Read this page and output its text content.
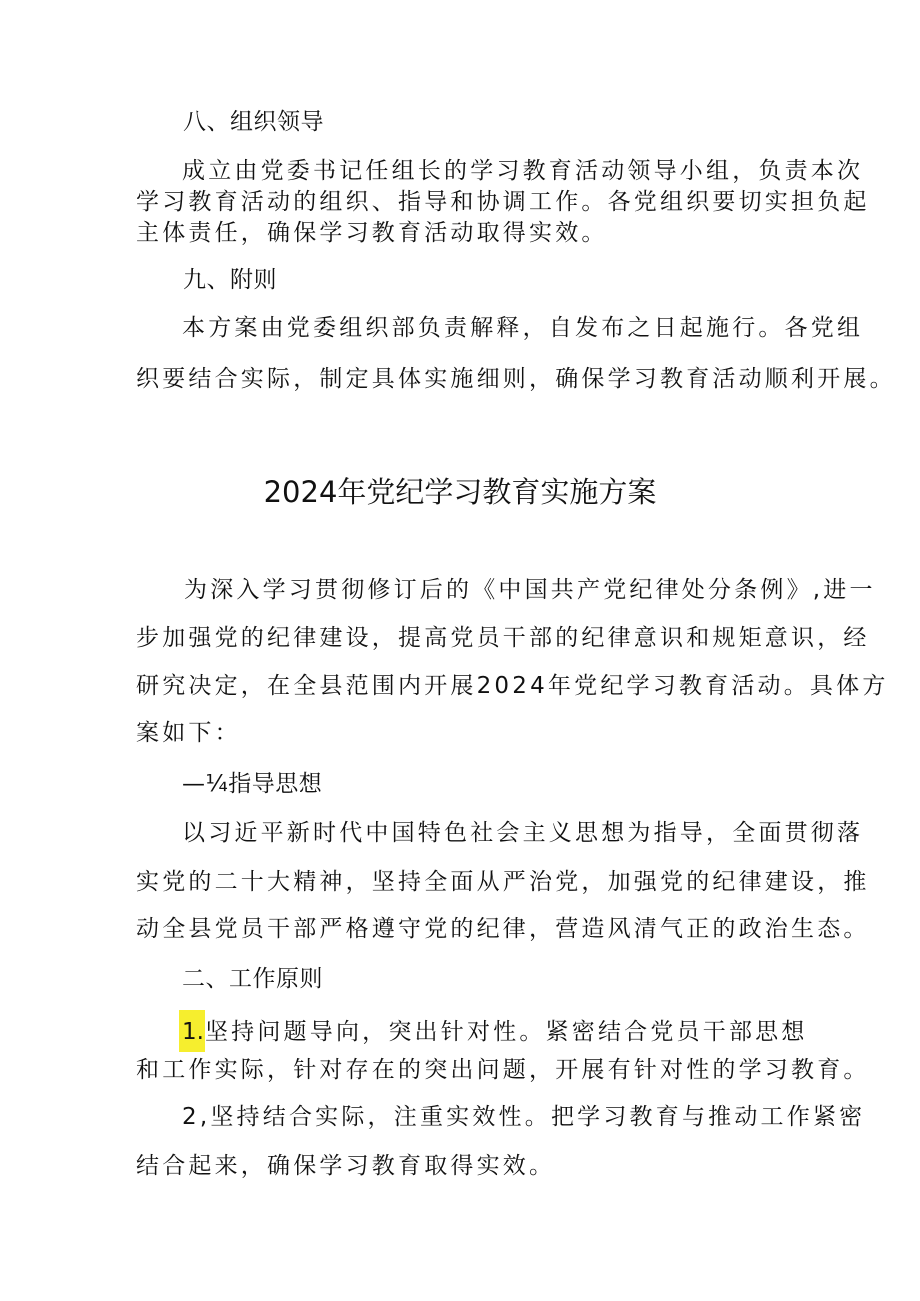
八、组织领导
成立由党委书记任组长的学习教育活动领导小组，负责本次
学习教育活动的组织、指导和协调工作。各党组织要切实担负起
主体责任，确保学习教育活动取得实效。
九、附则
本方案由党委组织部负责解释，自发布之日起施行。各党组
织要结合实际，制定具体实施细则，确保学习教育活动顺利开展。
2024年党纪学习教育实施方案
为深入学习贯彻修订后的《中国共产党纪律处分条例》,进一
步加强党的纪律建设，提高党员干部的纪律意识和规矩意识，经
研究决定，在全县范围内开展2024年党纪学习教育活动。具体方
案如下：
—¼指导思想
以习近平新时代中国特色社会主义思想为指导，全面贯彻落
实党的二十大精神，坚持全面从严治党，加强党的纪律建设，推
动全县党员干部严格遵守党的纪律，营造风清气正的政治生态。
二、工作原则
1.坚持问题导向，突出针对性。紧密结合党员干部思想
和工作实际，针对存在的突出问题，开展有针对性的学习教育。
2,坚持结合实际，注重实效性。把学习教育与推动工作紧密
结合起来，确保学习教育取得实效。
